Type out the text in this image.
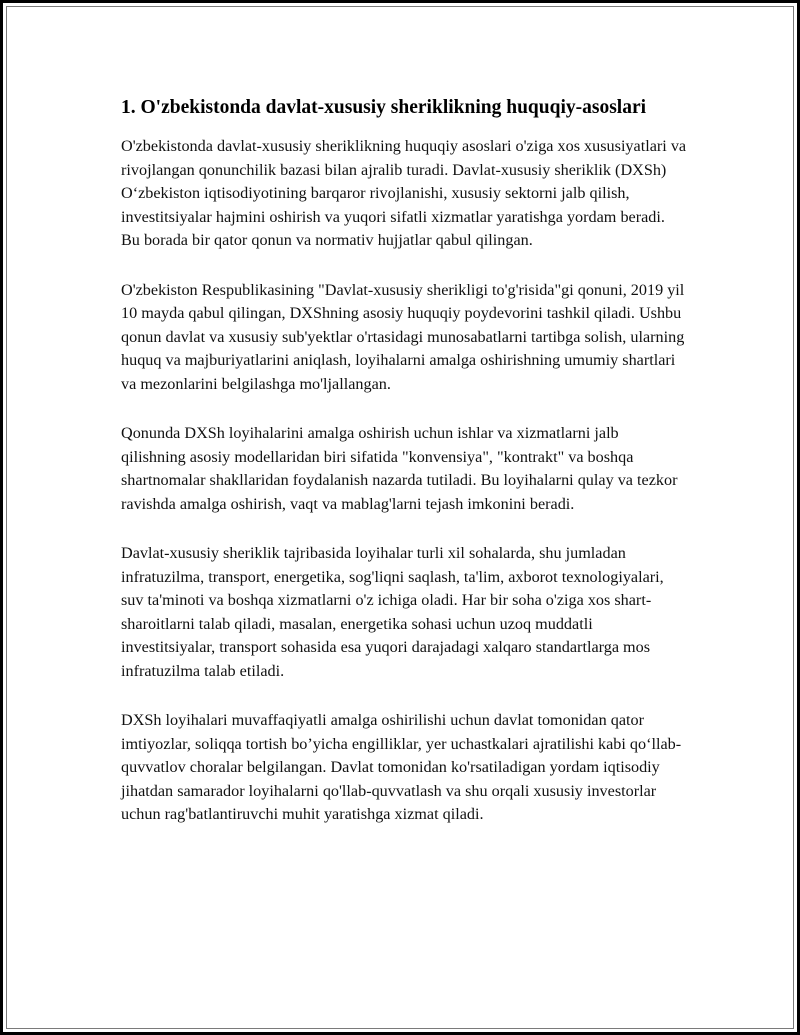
1. O'zbekistonda davlat-xususiy sheriklikning huquqiy-asoslari

O'zbekistonda davlat-xususiy sheriklikning huquqiy asoslari o'ziga xos xususiyatlari va rivojlangan qonunchilik bazasi bilan ajralib turadi. Davlat-xususiy sheriklik (DXSh) O‘zbekiston iqtisodiyotining barqaror rivojlanishi, xususiy sektorni jalb qilish, investitsiyalar hajmini oshirish va yuqori sifatli xizmatlar yaratishga yordam beradi. Bu borada bir qator qonun va normativ hujjatlar qabul qilingan.

O'zbekiston Respublikasining "Davlat-xususiy sherikligi to'g'risida"gi qonuni, 2019 yil 10 mayda qabul qilingan, DXShning asosiy huquqiy poydevorini tashkil qiladi. Ushbu qonun davlat va xususiy sub'yektlar o'rtasidagi munosabatlarni tartibga solish, ularning huquq va majburiyatlarini aniqlash, loyihalarni amalga oshirishning umumiy shartlari va mezonlarini belgilashga mo'ljallangan.

Qonunda DXSh loyihalarini amalga oshirish uchun ishlar va xizmatlarni jalb qilishning asosiy modellaridan biri sifatida "konvensiya", "kontrakt" va boshqa shartnomalar shakllaridan foydalanish nazarda tutiladi. Bu loyihalarni qulay va tezkor ravishda amalga oshirish, vaqt va mablag'larni tejash imkonini beradi.

Davlat-xususiy sheriklik tajribasida loyihalar turli xil sohalarda, shu jumladan infratuzilma, transport, energetika, sog'liqni saqlash, ta'lim, axborot texnologiyalari, suv ta'minoti va boshqa xizmatlarni o'z ichiga oladi. Har bir soha o'ziga xos shart-sharoitlarni talab qiladi, masalan, energetika sohasi uchun uzoq muddatli investitsiyalar, transport sohasida esa yuqori darajadagi xalqaro standartlarga mos infratuzilma talab etiladi.

DXSh loyihalari muvaffaqiyatli amalga oshirilishi uchun davlat tomonidan qator imtiyozlar, soliqqa tortish bo’yicha engilliklar, yer uchastkalari ajratilishi kabi qo‘llab-quvvatlov choralar belgilangan. Davlat tomonidan ko'rsatiladigan yordam iqtisodiy jihatdan samarador loyihalarni qo'llab-quvvatlash va shu orqali xususiy investorlar uchun rag'batlantiruvchi muhit yaratishga xizmat qiladi.
